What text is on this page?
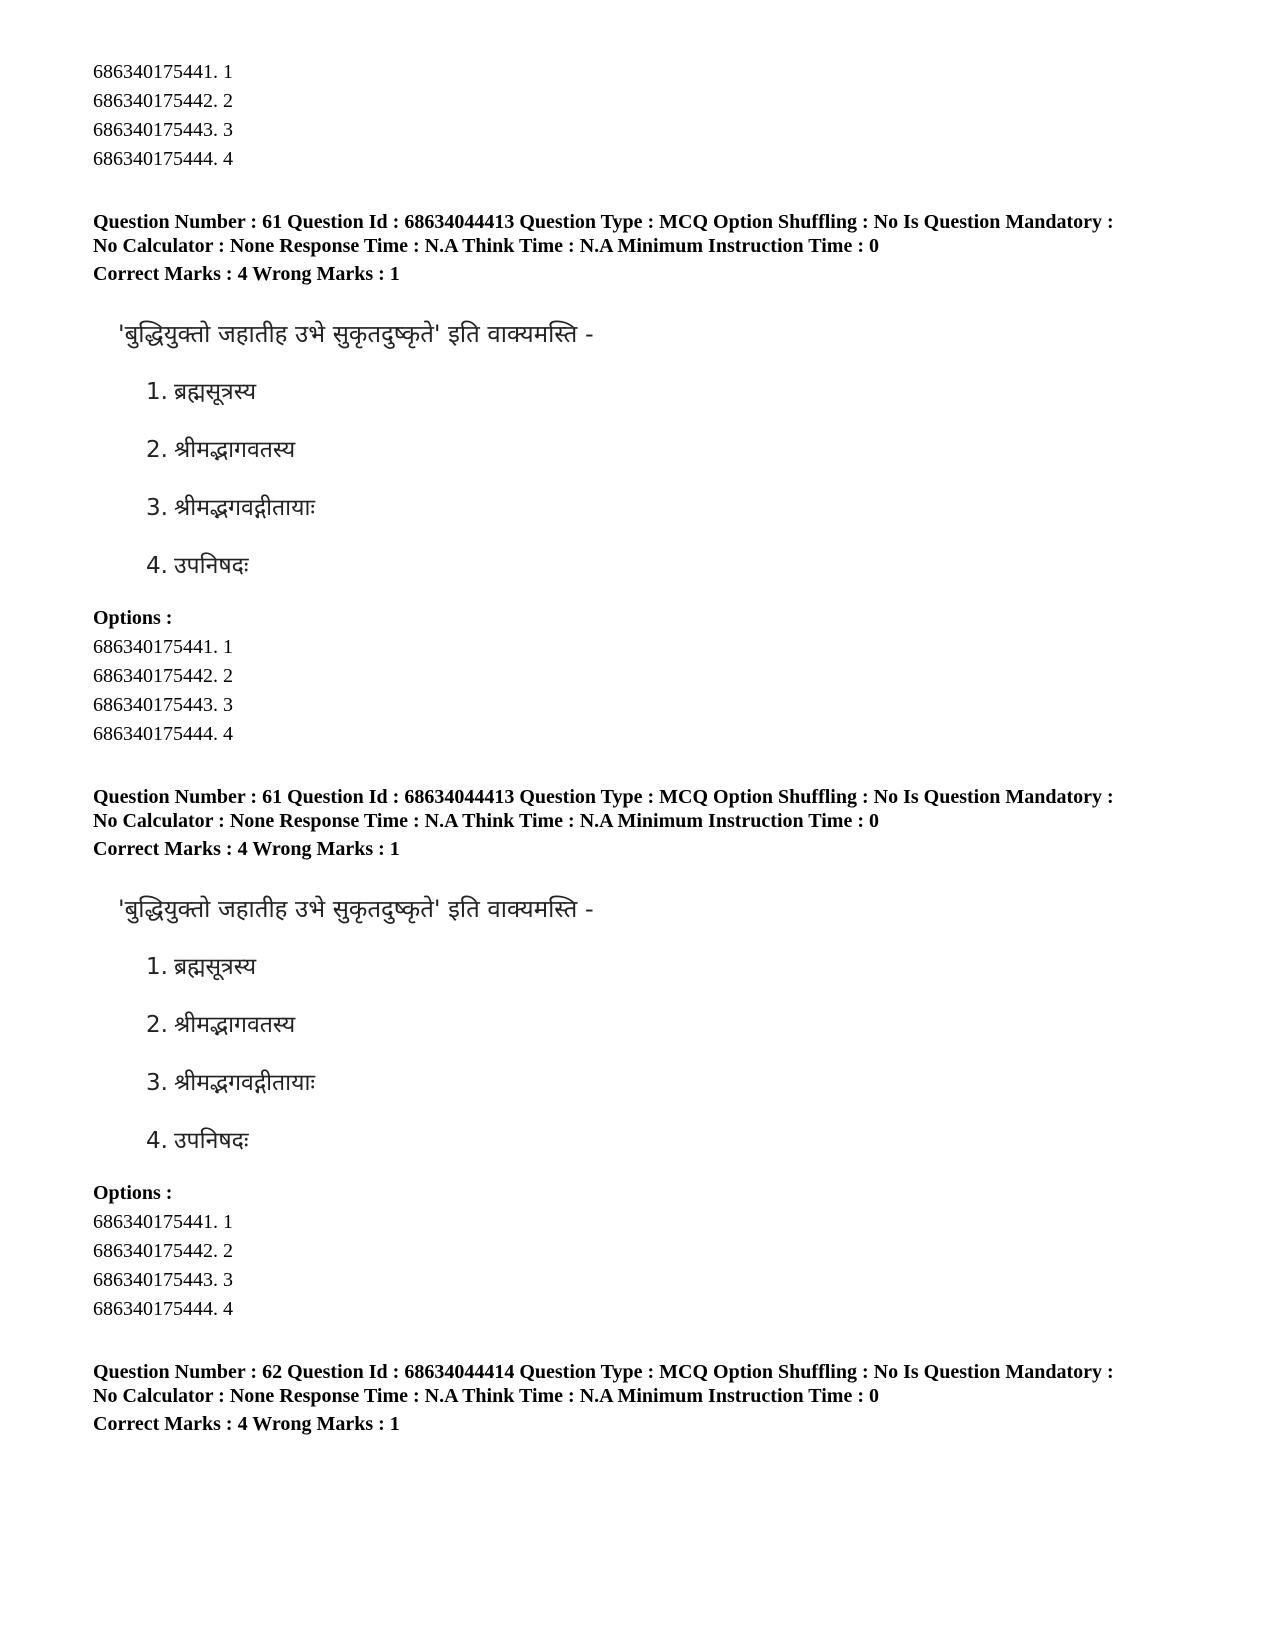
686340175441. 1
686340175442. 2
686340175443. 3
686340175444. 4
Question Number : 61 Question Id : 68634044413 Question Type : MCQ Option Shuffling : No Is Question Mandatory :
No Calculator : None Response Time : N.A Think Time : N.A Minimum Instruction Time : 0
Correct Marks : 4 Wrong Marks : 1
'बुद्धियुक्तो जहातीह उभे सुकृतदुष्कृते' इति वाक्यमस्ति -
1. ब्रह्मसूत्रस्य
2. श्रीमद्भागवतस्य
3. श्रीमद्भगवद्गीतायाः
4. उपनिषदः
Options :
686340175441. 1
686340175442. 2
686340175443. 3
686340175444. 4
Question Number : 61 Question Id : 68634044413 Question Type : MCQ Option Shuffling : No Is Question Mandatory :
No Calculator : None Response Time : N.A Think Time : N.A Minimum Instruction Time : 0
Correct Marks : 4 Wrong Marks : 1
'बुद्धियुक्तो जहातीह उभे सुकृतदुष्कृते' इति वाक्यमस्ति -
1. ब्रह्मसूत्रस्य
2. श्रीमद्भागवतस्य
3. श्रीमद्भगवद्गीतायाः
4. उपनिषदः
Options :
686340175441. 1
686340175442. 2
686340175443. 3
686340175444. 4
Question Number : 62 Question Id : 68634044414 Question Type : MCQ Option Shuffling : No Is Question Mandatory :
No Calculator : None Response Time : N.A Think Time : N.A Minimum Instruction Time : 0
Correct Marks : 4 Wrong Marks : 1
